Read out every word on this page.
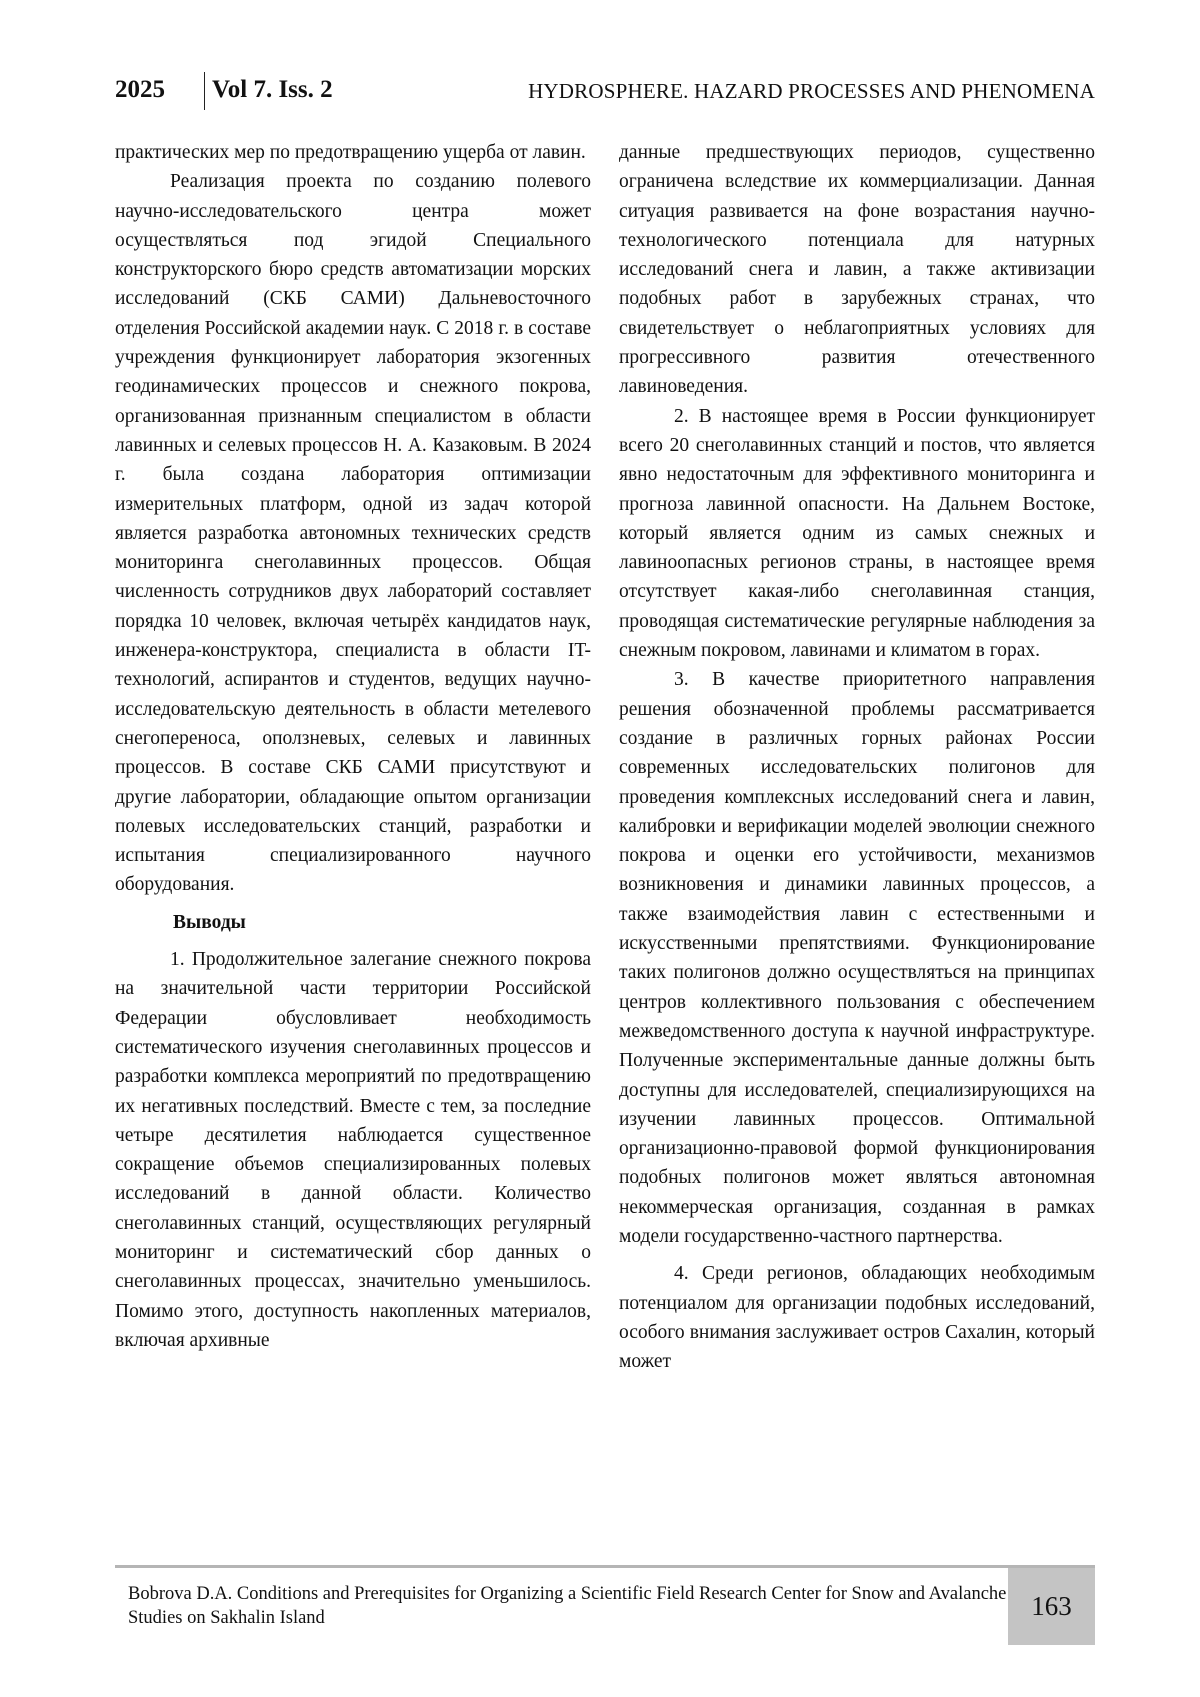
2025 Vol 7. Iss. 2	HYDROSPHERE. HAZARD PROCESSES AND PHENOMENA

практических мер по предотвращению ущерба от лавин.

Реализация проекта по созданию полевого научно-исследовательского центра может осуществляться под эгидой Специального конструкторского бюро средств автоматизации морских исследований (СКБ САМИ) Дальневосточного отделения Российской академии наук. С 2018 г. в составе учреждения функционирует лаборатория экзогенных геодинамических процессов и снежного покрова, организованная признанным специалистом в области лавинных и селевых процессов Н. А. Казаковым. В 2024 г. была создана лаборатория оптимизации измерительных платформ, одной из задач которой является разработка автономных технических средств мониторинга снеголавинных процессов. Общая численность сотрудников двух лабораторий составляет порядка 10 человек, включая четырёх кандидатов наук, инженера-конструктора, специалиста в области IT-технологий, аспирантов и студентов, ведущих научно-исследовательскую деятельность в области метелевого снегопереноса, оползневых, селевых и лавинных процессов. В составе СКБ САМИ присутствуют и другие лаборатории, обладающие опытом организации полевых исследовательских станций, разработки и испытания специализированного научного оборудования.

Выводы

1. Продолжительное залегание снежного покрова на значительной части территории Российской Федерации обусловливает необходимость систематического изучения снеголавинных процессов и разработки комплекса мероприятий по предотвращению их негативных последствий. Вместе с тем, за последние четыре десятилетия наблюдается существенное сокращение объемов специализированных полевых исследований в данной области. Количество снеголавинных станций, осуществляющих регулярный мониторинг и систематический сбор данных о снеголавинных процессах, значительно уменьшилось. Помимо этого, доступность накопленных материалов, включая архивные

данные предшествующих периодов, существенно ограничена вследствие их коммерциализации. Данная ситуация развивается на фоне возрастания научно-технологического потенциала для натурных исследований снега и лавин, а также активизации подобных работ в зарубежных странах, что свидетельствует о неблагоприятных условиях для прогрессивного развития отечественного лавиноведения.

2. В настоящее время в России функционирует всего 20 снеголавинных станций и постов, что является явно недостаточным для эффективного мониторинга и прогноза лавинной опасности. На Дальнем Востоке, который является одним из самых снежных и лавиноопасных регионов страны, в настоящее время отсутствует какая-либо снеголавинная станция, проводящая систематические регулярные наблюдения за снежным покровом, лавинами и климатом в горах.

3. В качестве приоритетного направления решения обозначенной проблемы рассматривается создание в различных горных районах России современных исследовательских полигонов для проведения комплексных исследований снега и лавин, калибровки и верификации моделей эволюции снежного покрова и оценки его устойчивости, механизмов возникновения и динамики лавинных процессов, а также взаимодействия лавин с естественными и искусственными препятствиями. Функционирование таких полигонов должно осуществляться на принципах центров коллективного пользования с обеспечением межведомственного доступа к научной инфраструктуре. Полученные экспериментальные данные должны быть доступны для исследователей, специализирующихся на изучении лавинных процессов. Оптимальной организационно-правовой формой функционирования подобных полигонов может являться автономная некоммерческая организация, созданная в рамках модели государственно-частного партнерства.

4. Среди регионов, обладающих необходимым потенциалом для организации подобных исследований, особого внимания заслуживает остров Сахалин, который может

Bobrova D.A. Conditions and Prerequisites for Organizing a Scientific Field Research Center for Snow and Avalanche Studies on Sakhalin Island	163
